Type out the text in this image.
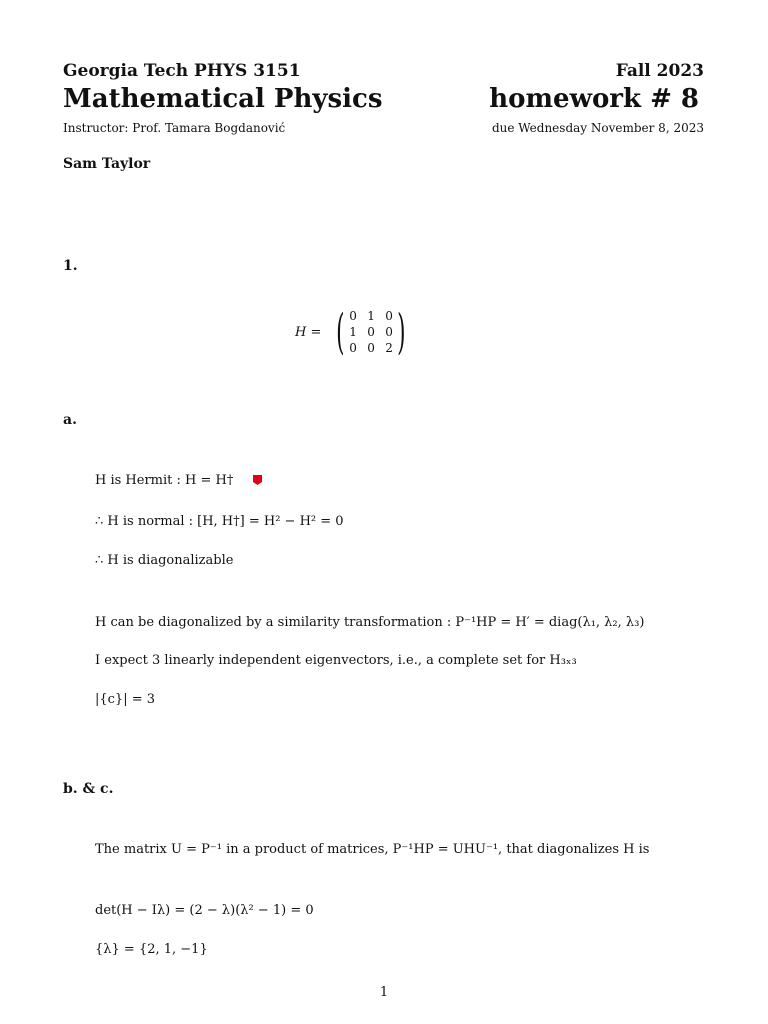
Georgia Tech PHYS 3151	Fall 2023
Mathematical Physics	homework # 8
Instructor: Prof. Tamara Bogdanović	due Wednesday November 8, 2023
Sam Taylor
1.
H = ( 0 1 0
1 0 0
0 0 2 )
a.
H is Hermit : H = H†
∴ H is normal : [H, H†] = H² − H² = 0
∴ H is diagonalizable
H can be diagonalized by a similarity transformation : P⁻¹HP = H′ = diag(λ₁, λ₂, λ₃)
I expect 3 linearly independent eigenvectors, i.e., a complete set for H₃ₓ₃
|{c}| = 3
b. & c.
The matrix U = P⁻¹ in a product of matrices, P⁻¹HP = UHU⁻¹, that diagonalizes H is
det(H − Iλ) = (2 − λ)(λ² − 1) = 0
{λ} = {2, 1, −1}
1
